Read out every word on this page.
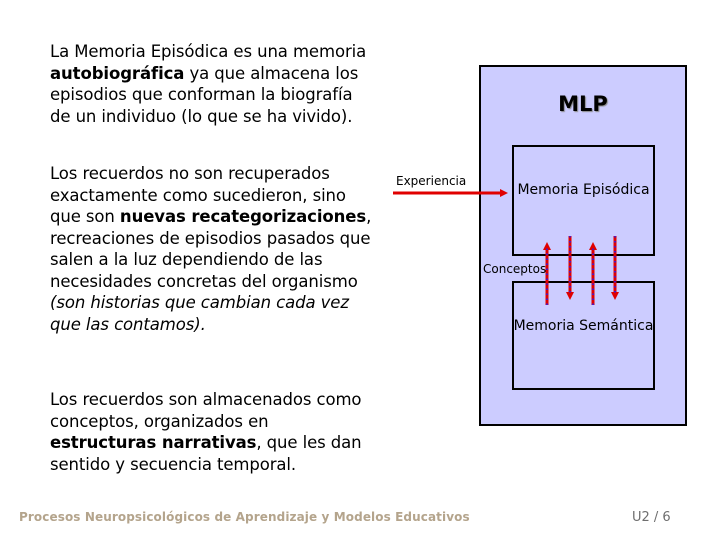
La Memoria Episódica es una memoria autobiográfica ya que almacena los episodios que conforman la biografía de un individuo (lo que se ha vivido).
Los recuerdos no son recuperados exactamente como sucedieron, sino que son nuevas recategorizaciones, recreaciones de episodios pasados que salen a la luz dependiendo de las necesidades concretas del organismo (son historias que cambian cada vez que las contamos).
Los recuerdos son almacenados como conceptos, organizados en estructuras narrativas, que les dan sentido y secuencia temporal.
MLP
Memoria Episódica
Memoria Semántica
Experiencia
Conceptos
Procesos Neuropsicológicos de Aprendizaje y Modelos Educativos	U2 / 6
